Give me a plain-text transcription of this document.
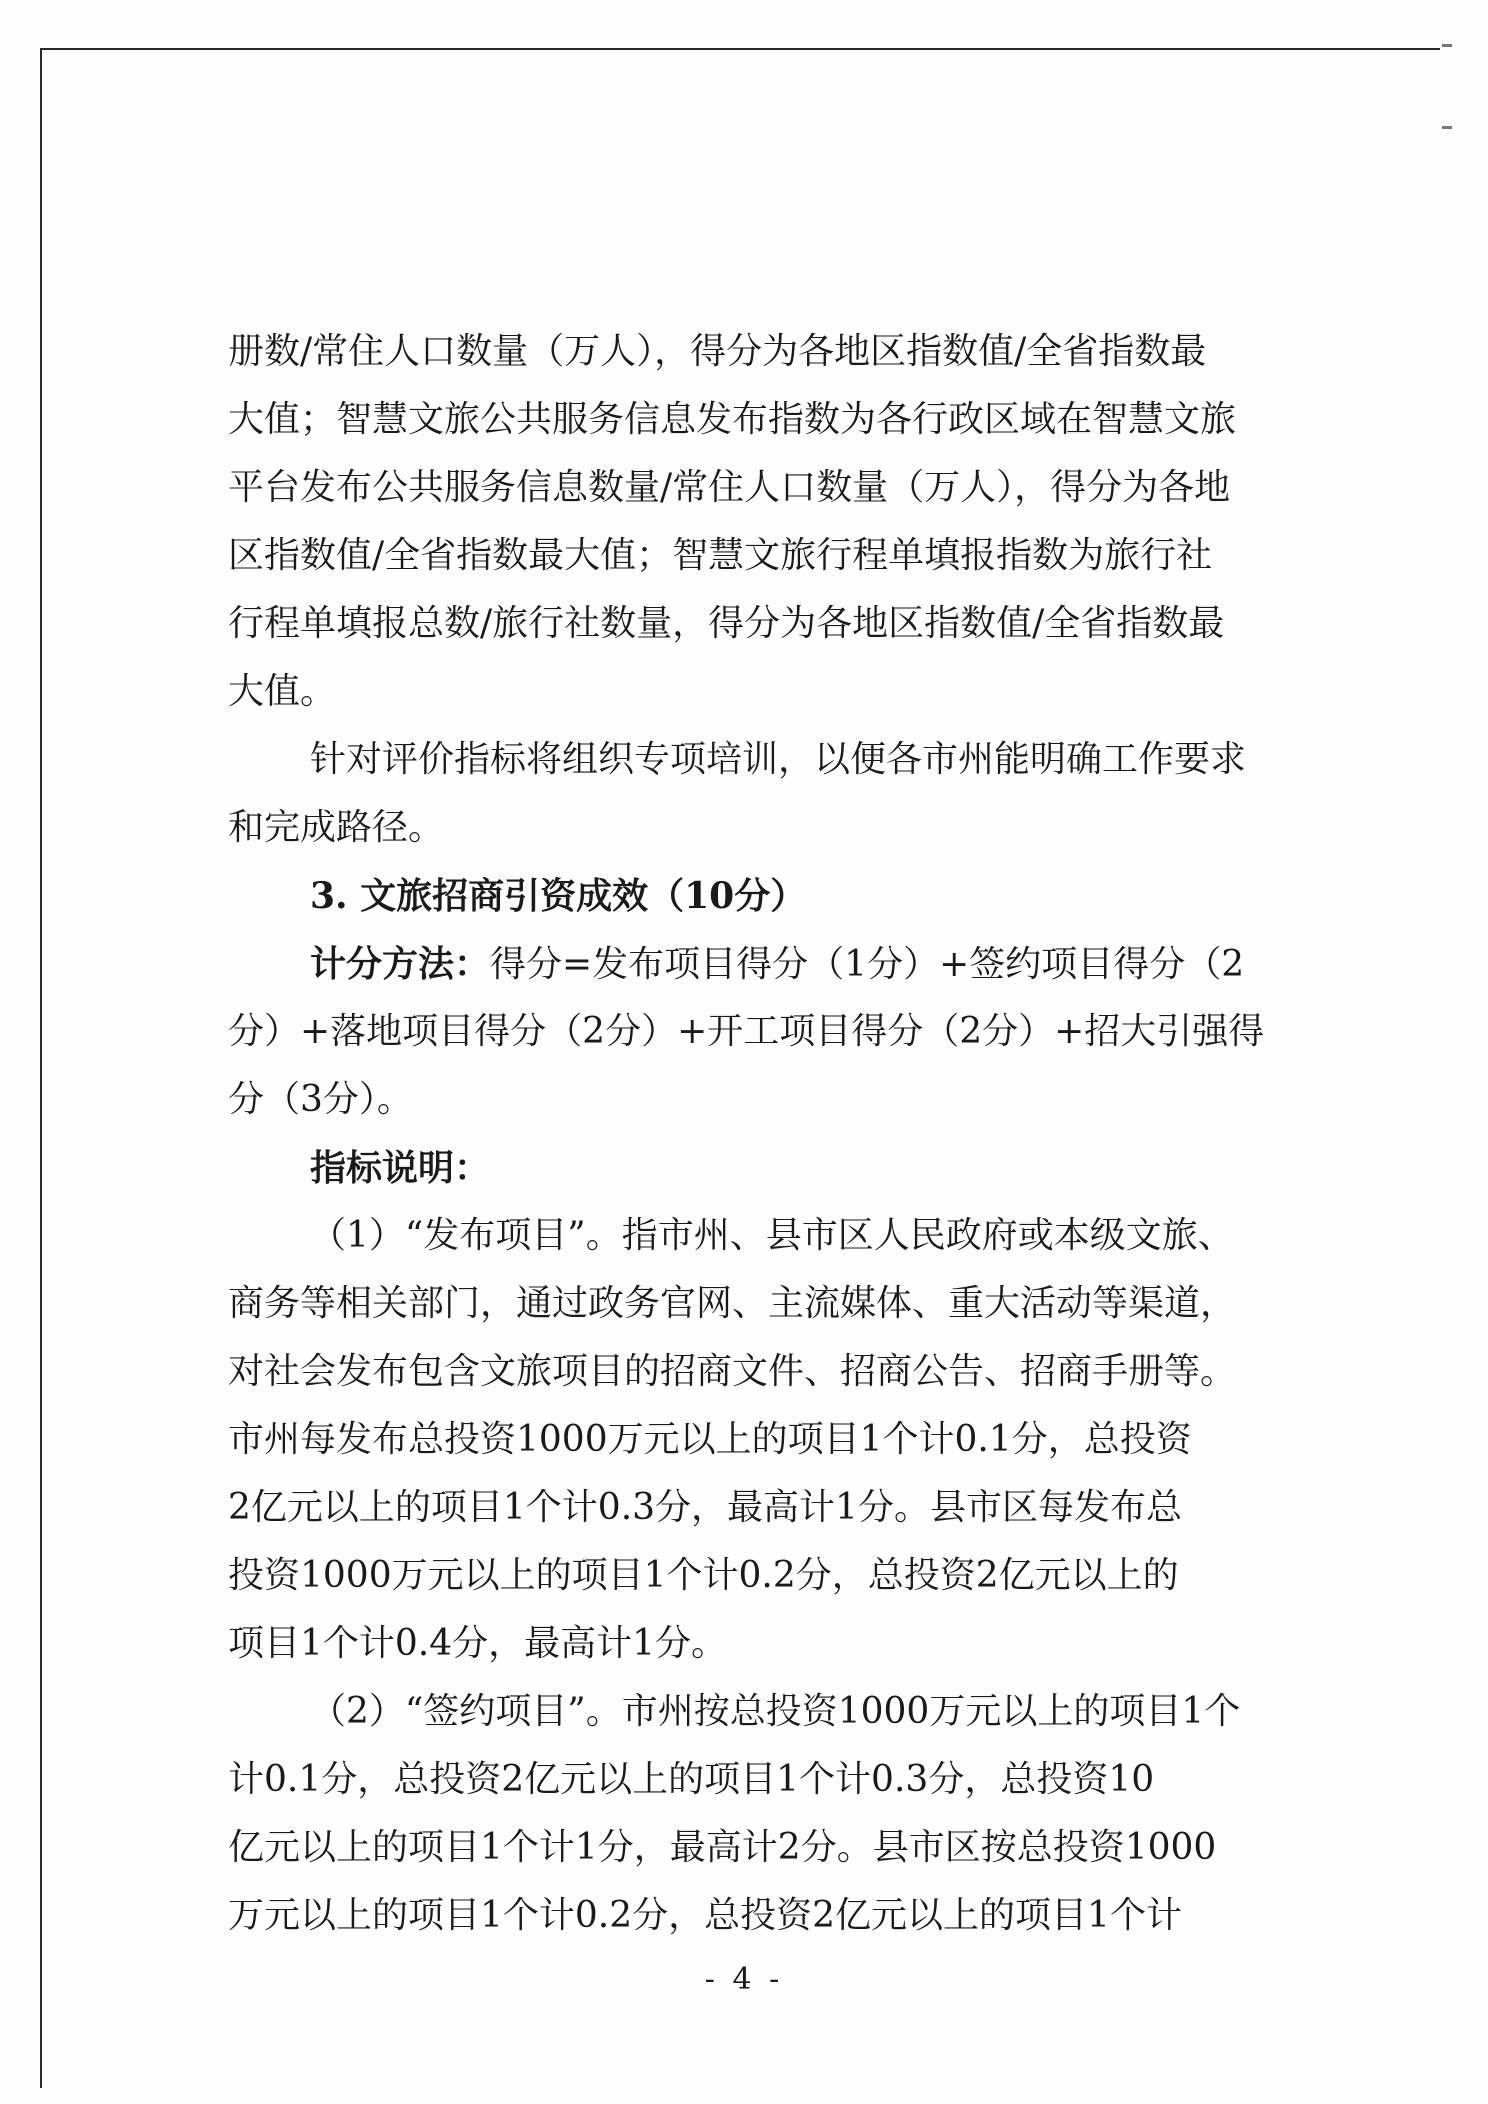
册数/常住人口数量（万人），得分为各地区指数值/全省指数最
大值；智慧文旅公共服务信息发布指数为各行政区域在智慧文旅
平台发布公共服务信息数量/常住人口数量（万人），得分为各地
区指数值/全省指数最大值；智慧文旅行程单填报指数为旅行社
行程单填报总数/旅行社数量，得分为各地区指数值/全省指数最
大值。
针对评价指标将组织专项培训，以便各市州能明确工作要求
和完成路径。
3. 文旅招商引资成效（10分）
计分方法：得分=发布项目得分（1分）+签约项目得分（2
分）+落地项目得分（2分）+开工项目得分（2分）+招大引强得
分（3分）。
指标说明：
（1）“发布项目”。指市州、县市区人民政府或本级文旅、
商务等相关部门，通过政务官网、主流媒体、重大活动等渠道，
对社会发布包含文旅项目的招商文件、招商公告、招商手册等。
市州每发布总投资1000万元以上的项目1个计0.1分，总投资
2亿元以上的项目1个计0.3分，最高计1分。县市区每发布总
投资1000万元以上的项目1个计0.2分，总投资2亿元以上的
项目1个计0.4分，最高计1分。
（2）“签约项目”。市州按总投资1000万元以上的项目1个
计0.1分，总投资2亿元以上的项目1个计0.3分，总投资10
亿元以上的项目1个计1分，最高计2分。县市区按总投资1000
万元以上的项目1个计0.2分，总投资2亿元以上的项目1个计
- 4 -
